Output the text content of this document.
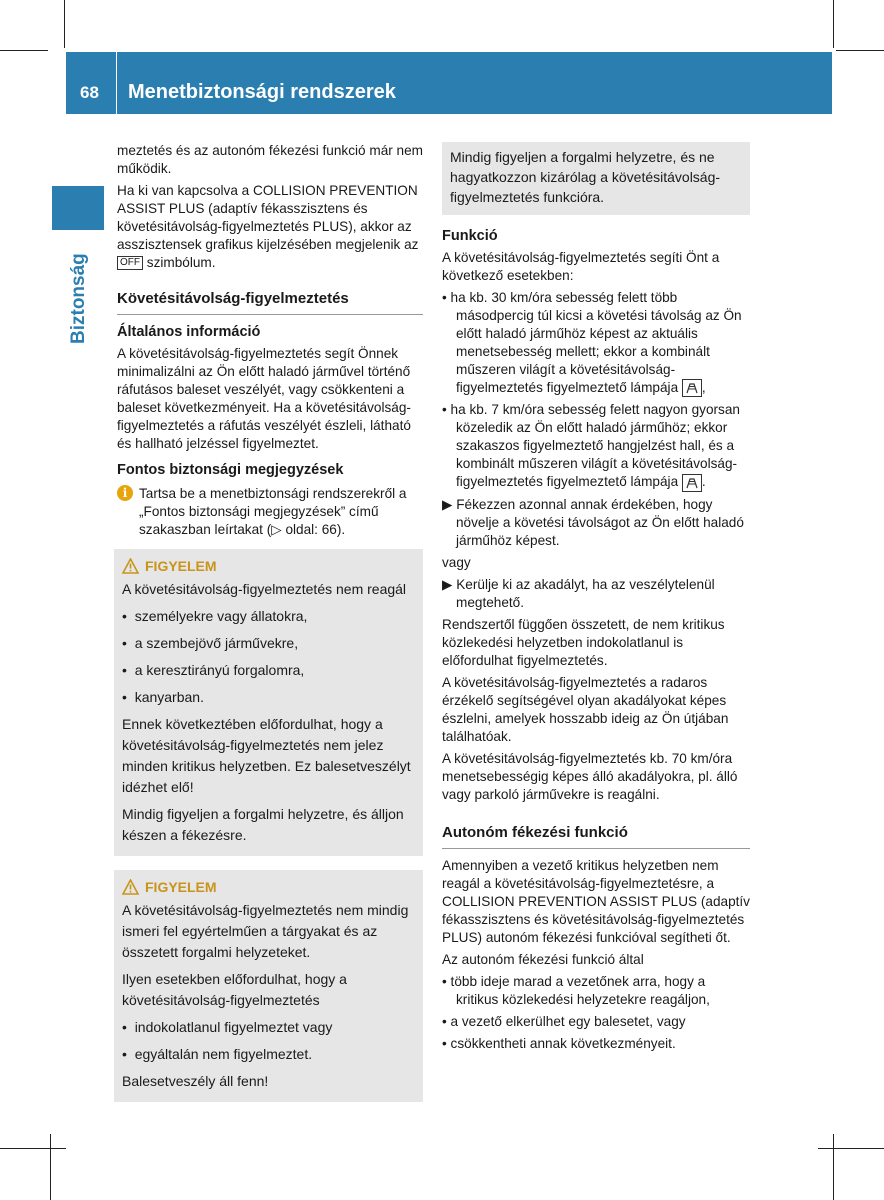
68 Menetbiztonsági rendszerek
Biztonság

meztetés és az autonóm fékezési funkció már nem működik.

Ha ki van kapcsolva a COLLISION PREVENTION ASSIST PLUS (adaptív fékasszisztens és követésitávolság-figyelmeztetés PLUS), akkor az asszisztensek grafikus kijelzésében megjelenik az OFF szimbólum.

Követésitávolság-figyelmeztetés
Általános információ

A követésitávolság-figyelmeztetés segít Önnek minimalizálni az Ön előtt haladó járművel történő ráfutásos baleset veszélyét, vagy csökkenteni a baleset következményeit. Ha a követésitávolság-figyelmeztetés a ráfutás veszélyét észleli, látható és hallható jelzéssel figyelmeztet.

Fontos biztonsági megjegyzések
i Tartsa be a menetbiztonsági rendszerekről a „Fontos biztonsági megjegyzések” című szakaszban leírtakat (▷ oldal: 66).
FIGYELEM

A követésitávolság-figyelmeztetés nem reagál

•  személyekre vagy állatokra,
•  a szembejövő járművekre,
•  a keresztirányú forgalomra,
•  kanyarban.

Ennek következtében előfordulhat, hogy a követésitávolság-figyelmeztetés nem jelez minden kritikus helyzetben. Ez balesetveszélyt idézhet elő!

Mindig figyeljen a forgalmi helyzetre, és álljon készen a fékezésre.

FIGYELEM

A követésitávolság-figyelmeztetés nem mindig ismeri fel egyértelműen a tárgyakat és az összetett forgalmi helyzeteket.

Ilyen esetekben előfordulhat, hogy a követésitávolság-figyelmeztetés

•  indokolatlanul figyelmeztet vagy
•  egyáltalán nem figyelmeztet.

Balesetveszély áll fenn!

Mindig figyeljen a forgalmi helyzetre, és ne hagyatkozzon kizárólag a követésitávolság-figyelmeztetés funkcióra.
Funkció

A követésitávolság-figyelmeztetés segíti Önt a következő esetekben:

• ha kb. 30 km/óra sebesség felett több másodpercig túl kicsi a követési távolság az Ön előtt haladó járműhöz képest az aktuális menetsebesség mellett; ekkor a kombinált műszeren világít a követésitávolság-figyelmeztetés figyelmeztető lámpája ,
• ha kb. 7 km/óra sebesség felett nagyon gyorsan közeledik az Ön előtt haladó járműhöz; ekkor szakaszos figyelmeztető hangjelzést hall, és a kombinált műszeren világít a követésitávolság-figyelmeztetés figyelmeztető lámpája .
▶ Fékezzen azonnal annak érdekében, hogy növelje a követési távolságot az Ön előtt haladó járműhöz képest.

vagy

▶ Kerülje ki az akadályt, ha az veszélytelenül megtehető.

Rendszertől függően összetett, de nem kritikus közlekedési helyzetben indokolatlanul is előfordulhat figyelmeztetés.

A követésitávolság-figyelmeztetés a radaros érzékelő segítségével olyan akadályokat képes észlelni, amelyek hosszabb ideig az Ön útjában találhatóak.

A követésitávolság-figyelmeztetés kb. 70 km/óra menetsebességig képes álló akadályokra, pl. álló vagy parkoló járművekre is reagálni.

Autonóm fékezési funkció

Amennyiben a vezető kritikus helyzetben nem reagál a követésitávolság-figyelmeztetésre, a COLLISION PREVENTION ASSIST PLUS (adaptív fékasszisztens és követésitávolság-figyelmeztetés PLUS) autonóm fékezési funkcióval segítheti őt.

Az autonóm fékezési funkció által

• több ideje marad a vezetőnek arra, hogy a kritikus közlekedési helyzetekre reagáljon,
• a vezető elkerülhet egy balesetet, vagy
• csökkentheti annak következményeit.
